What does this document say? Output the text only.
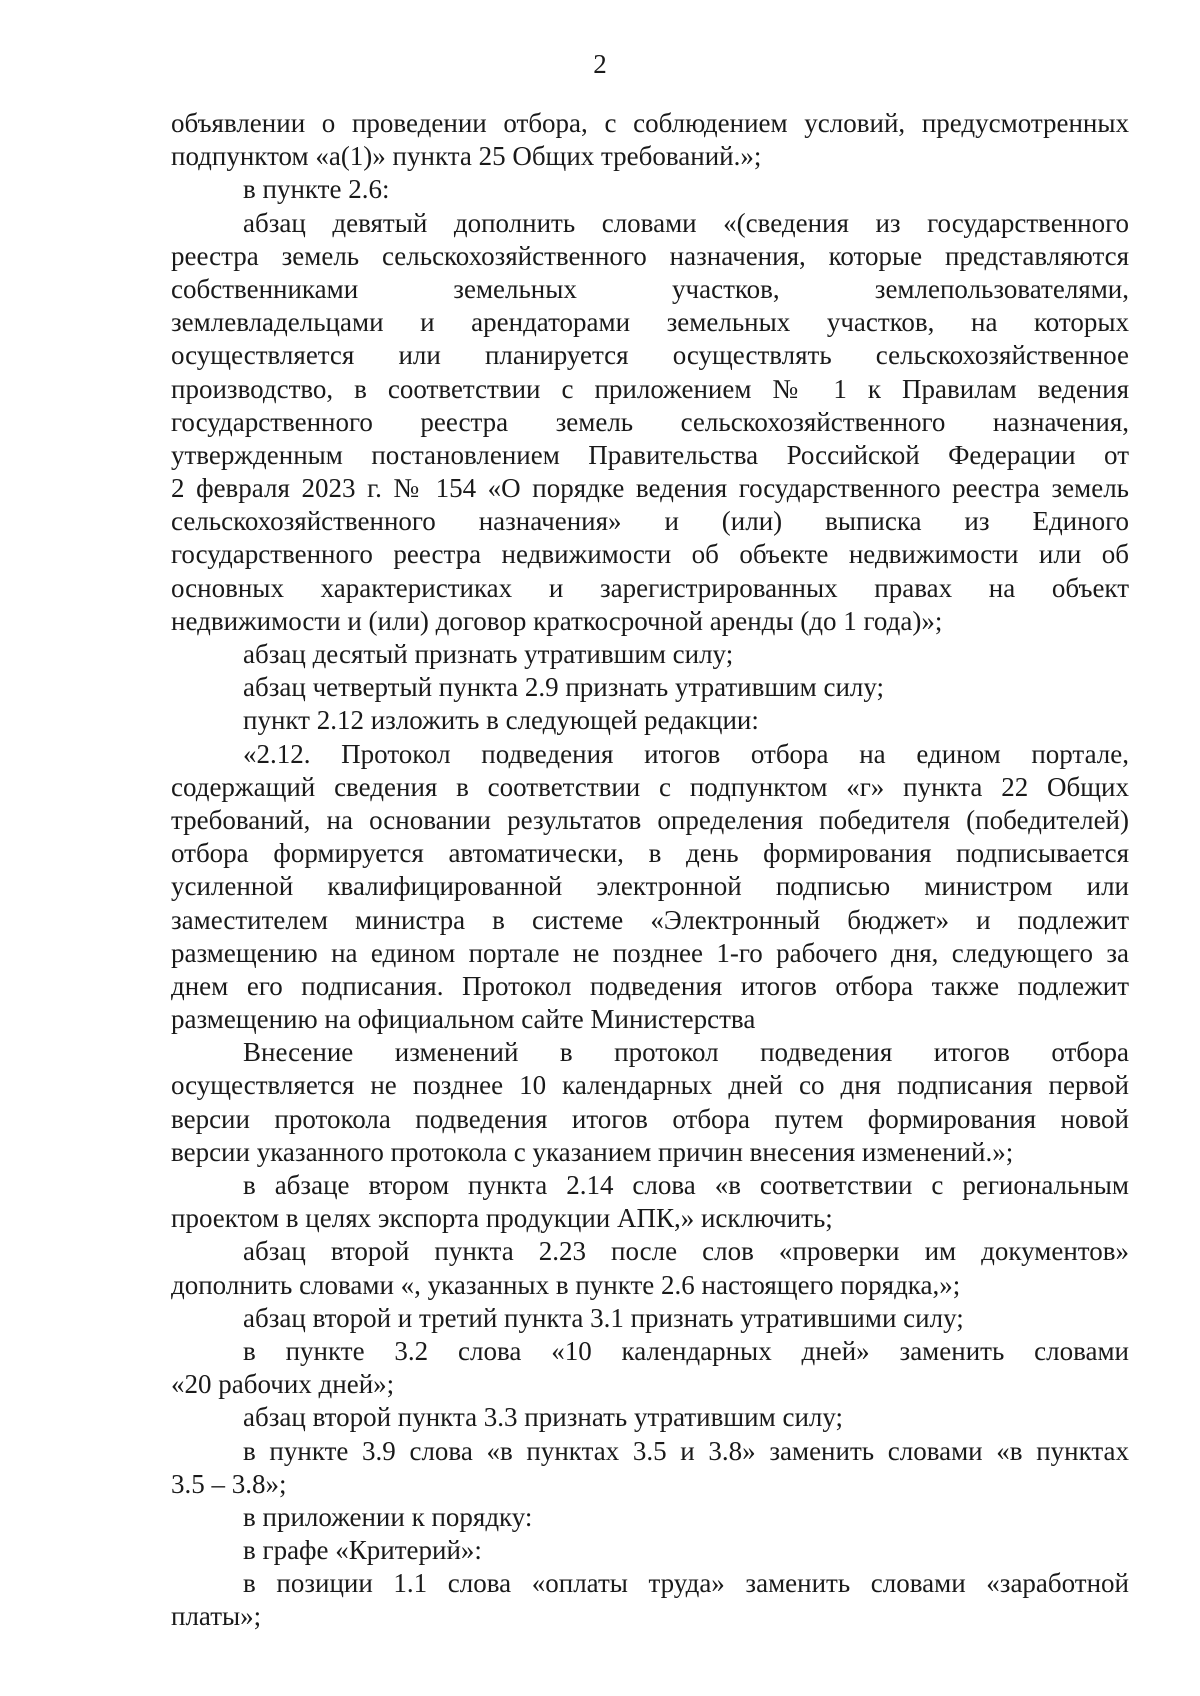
2
объявлении о проведении отбора, с соблюдением условий, предусмотренных
подпунктом «а(1)» пункта 25 Общих требований.»;
в пункте 2.6:
абзац девятый дополнить словами «(сведения из государственного
реестра земель сельскохозяйственного назначения, которые представляются
собственниками земельных участков, землепользователями,
землевладельцами и арендаторами земельных участков, на которых
осуществляется или планируется осуществлять сельскохозяйственное
производство, в соответствии с приложением № 1 к Правилам ведения
государственного реестра земель сельскохозяйственного назначения,
утвержденным постановлением Правительства Российской Федерации от
2 февраля 2023 г. № 154 «О порядке ведения государственного реестра земель
сельскохозяйственного назначения» и (или) выписка из Единого
государственного реестра недвижимости об объекте недвижимости или об
основных характеристиках и зарегистрированных правах на объект
недвижимости и (или) договор краткосрочной аренды (до 1 года)»;
абзац десятый признать утратившим силу;
абзац четвертый пункта 2.9 признать утратившим силу;
пункт 2.12 изложить в следующей редакции:
«2.12. Протокол подведения итогов отбора на едином портале,
содержащий сведения в соответствии с подпунктом «г» пункта 22 Общих
требований, на основании результатов определения победителя (победителей)
отбора формируется автоматически, в день формирования подписывается
усиленной квалифицированной электронной подписью министром или
заместителем министра в системе «Электронный бюджет» и подлежит
размещению на едином портале не позднее 1-го рабочего дня, следующего за
днем его подписания. Протокол подведения итогов отбора также подлежит
размещению на официальном сайте Министерства
Внесение изменений в протокол подведения итогов отбора
осуществляется не позднее 10 календарных дней со дня подписания первой
версии протокола подведения итогов отбора путем формирования новой
версии указанного протокола с указанием причин внесения изменений.»;
в абзаце втором пункта 2.14 слова «в соответствии с региональным
проектом в целях экспорта продукции АПК,» исключить;
абзац второй пункта 2.23 после слов «проверки им документов»
дополнить словами «, указанных в пункте 2.6 настоящего порядка,»;
абзац второй и третий пункта 3.1 признать утратившими силу;
в пункте 3.2 слова «10 календарных дней» заменить словами
«20 рабочих дней»;
абзац второй пункта 3.3 признать утратившим силу;
в пункте 3.9 слова «в пунктах 3.5 и 3.8» заменить словами «в пунктах
3.5 – 3.8»;
в приложении к порядку:
в графе «Критерий»:
в позиции 1.1 слова «оплаты труда» заменить словами «заработной
платы»;
